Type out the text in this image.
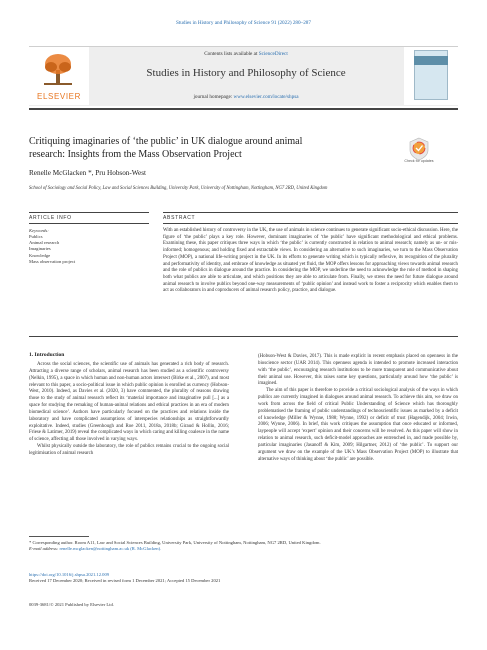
Studies in History and Philosophy of Science 91 (2022) 280–287
ELSEVIER
Contents lists available at ScienceDirect
Studies in History and Philosophy of Science
journal homepage: www.elsevier.com/locate/shpsa
Critiquing imaginaries of ‘the public’ in UK dialogue around animal
research: Insights from the Mass Observation Project
Check for updates
Renelle McGlacken *, Pru Hobson-West
School of Sociology and Social Policy, Law and Social Sciences Building, University Park, University of Nottingham, Nottingham, NG7 2RD, United Kingdom
ARTICLE INFO
Keywords:
Publics
Animal research
Imaginaries
Knowledge
Mass observation project
ABSTRACT
With an established history of controversy in the UK, the use of animals in science continues to generate significant socio-ethical discussion. Here, the figure of ‘the public’ plays a key role. However, dominant imaginaries of ‘the public’ have significant methodological and ethical problems. Examining these, this paper critiques three ways in which ‘the public’ is currently constructed in relation to animal research; namely as un- or mis-informed; homogenous; and holding fixed and extractable views. In considering an alternative to such imaginaries, we turn to the Mass Observation Project (MOP), a national life-writing project in the UK. In its efforts to generate writing which is typically reflexive, its recognition of the plurality and performativity of identity, and embrace of knowledge as situated yet fluid, the MOP offers lessons for approaching views towards animal research and the role of publics in dialogue around the practice. In considering the MOP, we underline the need to acknowledge the role of method in shaping both what publics are able to articulate, and which positions they are able to articulate from. Finally, we stress the need for future dialogue around animal research to involve publics beyond one-way measurements of ‘public opinion’ and instead work to foster a reciprocity which enables them to act as collaborators in and coproducers of animal research policy, practice, and dialogue.
1. Introduction

Across the social sciences, the scientific use of animals has generated a rich body of research. Attracting a diverse range of scholars, animal research has been studied as a scientific controversy (Nelkin, 1995), a space in which human and non-human actors intersect (Birke et al., 2007), and most relevant to this paper, a socio-political issue in which public opinion is enrolled as currency (Hobson-West, 2010). Indeed, as Davies et al. (2020, 3) have commented, the plurality of reasons drawing those to the study of animal research reflect its ‘material importance and imaginative pull [...] as a space for studying the remaking of human-animal relations and ethical practices in an era of modern biomedical science’. Authors have particularly focused on the practices and relations inside the laboratory and have complicated assumptions of interspecies relationships as straightforwardly exploitative. Indeed, studies (Greenhough and Roe 2011, 2018a, 2018b; Giraud & Hollin, 2016; Friese & Latimer, 2019) reveal the complicated ways in which caring and killing coalesce in the name of science, affecting all those involved in varying ways.

Whilst physically outside the laboratory, the role of publics remains crucial to the ongoing social legitimisation of animal research

(Hobson-West & Davies, 2017). This is made explicit in recent emphasis placed on openness in the bioscience sector (UAR 2014). This openness agenda is intended to promote increased interaction with ‘the public’, encouraging research institutions to be more transparent and communicative about their animal use. However, this raises some key questions, particularly around how ‘the public’ is imagined.

The aim of this paper is therefore to provide a critical sociological analysis of the ways in which publics are currently imagined in dialogues around animal research. To achieve this aim, we draw on work from across the field of critical Public Understanding of Science which has thoroughly problematised the framing of public understandings of technoscientific issues as marked by a deficit of knowledge (Miller & Wynne, 1988; Wynne, 1992) or deficit of trust (Hagendijk, 2004; Irwin, 2006; Wynne, 2006). In brief, this work critiques the assumption that once educated or informed, laypeople will accept ‘expert’ opinion and their concerns will be resolved. As this paper will show in relation to animal research, such deficit-model approaches are entrenched in, and made possible by, particular imaginaries (Jasanoff & Kim, 2009; Hilgartner, 2012) of ‘the public’. To support our argument we draw on the example of the UK’s Mass Observation Project (MOP) to illustrate that alternative ways of thinking about ‘the public’ are possible.

* Corresponding author. Room A11, Law and Social Sciences Building, University Park, University of Nottingham, Nottingham, NG7 2RD, United Kingdom.
E-mail address: renelle.mcglacken@nottingham.ac.uk (R. McGlacken).
https://doi.org/10.1016/j.shpsa.2021.12.009
Received 17 December 2020; Received in revised form 1 December 2021; Accepted 15 December 2021
0039-3681/© 2021 Published by Elsevier Ltd.
